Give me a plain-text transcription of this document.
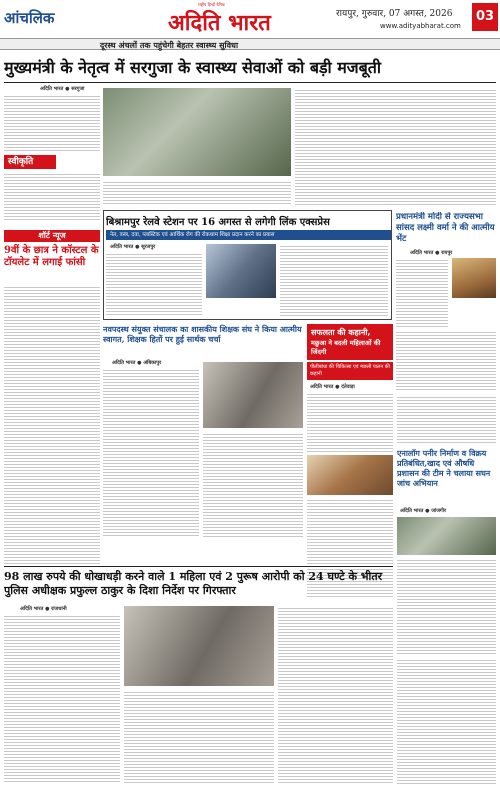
आंचलिक
राष्ट्रीय हिन्दी दैनिक
अदिति भारत	रायपुर, गुरुवार, 07 अगस्त, 2026
www.adityabharat.com
03
दूरस्थ अंचलों तक पहुंचेगी बेहतर स्वास्थ्य सुविधा
मुख्यमंत्री के नेतृत्व में सरगुजा के स्वास्थ्य सेवाओं को बड़ी मजबूती
अदिति भारत ● सरगुजा
स्वीकृति
शॉर्ट न्यूज
9वीं के छात्र ने कॉस्टल के टॉयलेट में लगाई फांसी
बिश्रामपुर रेलवे स्टेशन पर 16 अगस्त से लगेगी लिंक एक्सप्रेस
नेत, वस्त्र, दवा, प्लास्टिक एवं आर्थिक रोग की रोकथाम शिक्षा प्रदान करने का प्रयास
अदिति भारत ● सूरजपुर
प्रधानमंत्री मोदी से राज्यसभा सांसद लक्ष्मी वर्मा ने की आत्मीय भेंट
अदिति भारत ● रायपुर
नवपदस्थ संयुक्त संचालक का शासकीय शिक्षक संघ ने किया आत्मीय स्वागत, शिक्षक हितों पर हुई सार्थक चर्चा
अदिति भारत ● अंबिकापुर
सफलता की कहानी,
मछुआ ने बदली महिलाओं की जिंदगी
पीलीबांधा की चिकित्सा एवं मछली पालन की कहानी
अदिति भारत ● दंतेवाड़ा
एनालॉग पनीर निर्माण व विक्रय प्रतिबंधित,खाद एवं औषधि प्रशासन की टीम ने चलाया सघन जांच अभियान
अदिति भारत ● जांजगीर
98 लाख रुपये की धोखाधड़ी करने वाले 1 महिला एवं 2 पुरूष आरोपी को 24 घण्टे के भीतर पुलिस अधीक्षक प्रफुल्ल ठाकुर के दिशा निर्देश पर गिरफ्तार
अदिति भारत ● राजधानी
